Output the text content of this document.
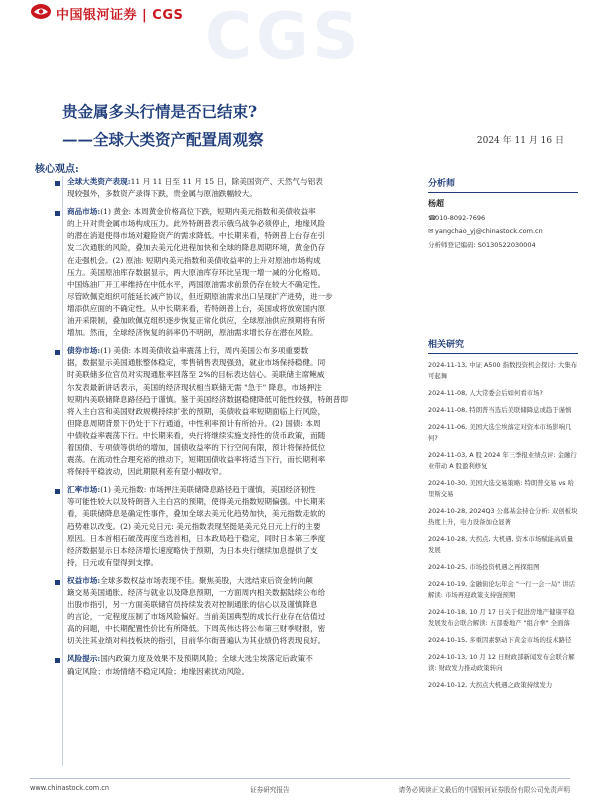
中国银河证券 | CGS CGS
贵金属多头行情是否已结束?
——全球大类资产配置周观察	2024 年 11 月 16 日
核心观点:
全球大类资产表现:11 月 11 日至 11 月 15 日，除美国资产、天然气与铝表
现较强外，多数资产录得下跌，贵金属与原油跌幅较大。
商品市场:(1) 黄金: 本周黄金价格高位下跌，短期内美元指数和美债收益率
的上升对贵金属市场构成压力。此外特朗普表示俄乌战争必须停止，地缘风险
的潜在消退使得市场对避险资产的需求降低。中长期来看，特朗普上台存在引
发二次通胀的风险，叠加去美元化进程加快和全球的降息周期环境，黄金仍存
在走强机会。(2) 原油: 短期内美元指数和美债收益率的上升对原油市场构成
压力。美国原油库存数据显示，两大原油库存环比呈现一增一减的分化格局。
中国炼油厂开工率维持在中低水平，两国原油需求前景仍存在较大不确定性。
尽管欧佩克组织可能延长减产协议，但近期原油需求出口呈现扩产进势，进一步
增添供应面的不确定性。从中长期来看，若特朗普上台，美国或将放宽国内原
油开采限制，叠加欧佩克组织逐步恢复正常化供应，全球原油供应预期将有所
增加。然而，全球经济恢复的斜率仍不明朗，原油需求增长存在潜在风险。
债券市场:(1) 美债: 本周美债收益率震荡上行，周内美国公布多项重要数
据，数据显示美国通胀整体稳定，零售销售表现强劲，就业市场保持稳健。同
时美联储多位官员对实现通胀率回落至 2%的目标表达信心。美联储主席鲍威
尔发表最新讲话表示，美国的经济现状相当联储无需 "急于" 降息，市场押注
短期内美联储降息路径趋于谨慎。鉴于美国经济数据稳健降低可能性较强，特朗普即
将入主白宫和美国财政规模持续扩张的预期，美债收益率短期面临上行风险，
但降息周期背景下仍处于下行通道，中性利率预计有所抬升。(2) 国债: 本周
中债收益率震荡下行。中长期来看，央行将继续实施支持性的货币政策，而随
着国债、专项债等供给的增加，国债收益率的下行空间有限，预计将保持低位
震荡。在流动性合理充裕的推动下，短期国债收益率将适当下行，而长期利率
将保持平稳波动，因此期限利差有望小幅收窄。
汇率市场:(1) 美元指数: 市场押注美联储降息路径趋于谨慎，美国经济韧性
等可能性较大以及特朗普入主白宫的预期，使得美元指数短期偏强。中长期来
看，美联储降息是确定性事件，叠加全球去美元化趋势加快，美元指数走软的
趋势难以改变。(2) 美元兑日元: 美元指数表现坚挺是美元兑日元上行的主要
原因。日本首相石破茂再度当选首相，日本政局趋于稳定，同时日本第三季度
经济数据显示日本经济增长速度略快于预期，为日本央行继续加息提供了支
持，日元或有望得到支撑。
权益市场:全球多数权益市场表现不佳。聚焦美股，大选结束后资金转向颠
簸交易美国通胀、经济与就业以及降息预期，一方面周内相关数据陆续公布给
出股市指引，另一方面美联储官员持续发表对控制通胀的信心以及谨慎降息
的言论，一定程度压制了市场风险偏好。当前美国典型的成长行业存在估值过
高的问题，中长期配置性价比有所降低。下周英伟达将公布第三财季财报，密
切关注其业绩对科技板块的指引，目前华尔街普遍认为其业绩仍将表现良好。
风险提示:国内政策力度及效果不及预期风险；全球大选尘埃落定后政策不
确定风险；市场情绪不稳定风险；地缘因素扰动风险。
分析师
杨超
☎010-8092-7696
✉ yangchao_yj@chinastock.com.cn
分析师登记编码: S0130522030004
相关研究
2024-11-13, 中证 A500 指数投资机会探讨: 大集布
可起舞
2024-11-08, 人大常委会后如何看市场?
2024-11-08, 特朗普当选后美联储降息或趋于谨慎
2024-11-06, 美国大选尘埃落定对资本市场影响几
何?
2024-11-03, A 股 2024 年三季报业绩点评: 金融行
业带动 A 股盈利修复
2024-10-30, 美国大选交易策略: 特朗普交易 vs 哈
里斯交易
2024-10-28, 2024Q3 公募基金持仓分析: 双创板块
热度上升，电力设备加仓显著
2024-10-28, 大拐点, 大机遇, 资本市场赋能高质量
发展
2024-10-25, 市场投资机遇之再探组图
2024-10-19, 金融街论坛年会 "一行一会一局" 讲话
解读: 市场再迎政策支持强预期
2024-10-18, 10 月 17 日关于促进房地产健康平稳
发展发布会联合解读: 五部委地产 "组合拳" 全面落
2024-10-15, 多重因素驱动下黄金市场的技术路径
2024-10-13, 10 月 12 日财政部新闻发布会联合解
读: 财政发力推动政策转向
2024-10-12, 大拐点大机遇之政策持续发力
www.chinastock.com.cn	证券研究报告	请务必阅读正文最后的中国银河证券股份有限公司免责声明
